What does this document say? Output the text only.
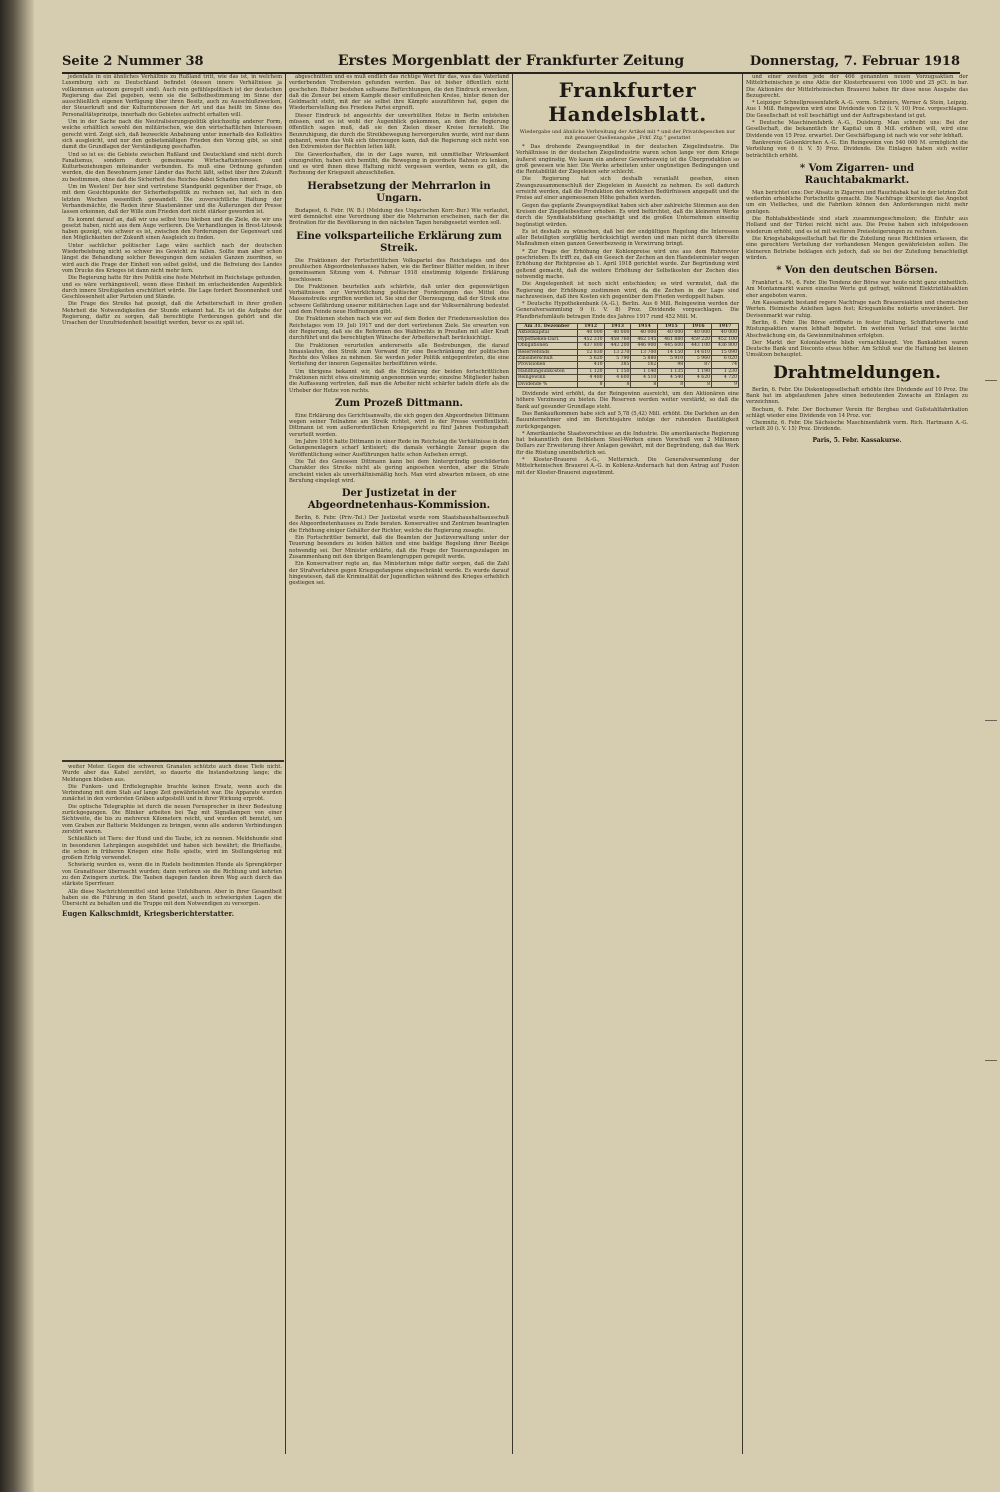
Seite 2 Nummer 38	Erstes Morgenblatt der Frankfurter Zeitung	Donnerstag, 7. Februar 1918

jedenfalls in ein ähnliches Verhältnis zu Rußland tritt, wie das ist, in welchem Luxemburg sich zu Deutschland befindet (dessen innere Verhältnisse ja vollkommen autonom geregelt sind). Auch rein gefühlspolitisch ist der deutschen Regierung das Ziel gegeben, wenn sie die Selbstbestimmung im Sinne der ausschließlich eigenen Verfügung über ihren Besitz, auch zu Ausschlußzwecken, der Steuerkraft und der Kulturinteressen der Art und das heißt im Sinne des Personalitätsprinzips, innerhalb des Gebietes aufrecht erhalten will.

Um in der Sache nach die Neutralisierungspolitik gleichzeitig anderer Form, welche erhältlich sowohl den militärischen, wie den wirtschaftlichen Interessen gerecht wird. Zeigt sich, daß bezweckte Anbahnung unter innerhalb des Kollektivs sich ausgleicht, und nur den gebietsmäßigen Frieden den Vorzug gibt, so sind damit die Grundlagen der Verständigung geschaffen.

Und so ist es: die Gebiete zwischen Rußland und Deutschland sind nicht durch Fanatismus, sondern durch gemeinsame Wirtschaftsinteressen und Kulturbeziehungen miteinander verbunden. Es muß eine Ordnung gefunden werden, die den Bewohnern jener Länder das Recht läßt, selbst über ihre Zukunft zu bestimmen, ohne daß die Sicherheit des Reiches dabei Schaden nimmt.

Um im Westen! Der hier sind vertretene Standpunkt gegenüber der Frage, ob mit dem Gesichtspunkte der Sicherheitspolitik zu rechnen sei, hat sich in den letzten Wochen wesentlich gewandelt. Die zuversichtliche Haltung der Verbandsmächte, die Reden ihrer Staatsmänner und die Äußerungen der Presse lassen erkennen, daß der Wille zum Frieden dort nicht stärker geworden ist.

Es kommt darauf an, daß wir uns selbst treu bleiben und die Ziele, die wir uns gesetzt haben, nicht aus dem Auge verlieren. Die Verhandlungen in Brest-Litowsk haben gezeigt, wie schwer es ist, zwischen den Forderungen der Gegenwart und den Möglichkeiten der Zukunft einen Ausgleich zu finden.

Unter sachlicher politischer Lage wäre sachlich nach der deutschen Wiederbelebung nicht so schwer ins Gewicht zu fallen. Sollte man aber schon längst die Behandlung solcher Bewegungen dem sozialen Ganzen zuordnen, so wird auch die Frage der Einheit von selbst gelöst, und die Befreiung des Landes vom Drucke des Krieges ist dann nicht mehr fern.

Die Regierung hatte für ihre Politik eine feste Mehrheit im Reichstage gefunden, und es wäre verhängnisvoll, wenn diese Einheit im entscheidenden Augenblick durch innere Streitigkeiten erschüttert würde. Die Lage fordert Besonnenheit und Geschlossenheit aller Parteien und Stände.

Die Frage des Streiks hat gezeigt, daß die Arbeiterschaft in ihrer großen Mehrheit die Notwendigkeiten der Stunde erkannt hat. Es ist die Aufgabe der Regierung, dafür zu sorgen, daß berechtigte Forderungen gehört und die Ursachen der Unzufriedenheit beseitigt werden, bevor es zu spät ist.

weiter Meter. Gegen die schweren Granaten schützte auch diese Tiefe nicht. Wurde aber das Kabel zerstört, so dauerte die Instandsetzung lange; die Meldungen blieben aus.

Die Funken- und Erdtelegraphie brachte keinen Ersatz, wenn auch die Verbindung mit dem Stab auf lange Zeit gewährleistet war. Die Apparate wurden zunächst in den vordersten Gräben aufgestellt und in ihrer Wirkung erprobt.

Die optische Telegraphie ist durch die neuen Fernsprecher in ihrer Bedeutung zurückgegangen. Die Blinker arbeiten bei Tag mit Signallampen von einer Sichtweite, die bis zu mehreren Kilometern reicht, und wurden oft benutzt, um vom Graben zur Batterie Meldungen zu bringen, wenn alle anderen Verbindungen zerstört waren.

Schließlich ist Tiere: der Hund und die Taube, ich zu nennen. Meldehunde sind in besonderen Lehrgängen ausgebildet und haben sich bewährt; die Brieftaube, die schon in früheren Kriegen eine Rolle spielte, wird im Stellungskrieg mit großem Erfolg verwendet.

Schwierig wurden es, wenn die in Rudeln bestimmten Hunde als Sprengkörper von Granatfeuer überrascht wurden; dann verloren sie die Richtung und kehrten zu den Zwingern zurück. Die Tauben dagegen fanden ihren Weg auch durch das stärkste Sperrfeuer.

Alle diese Nachrichtenmittel sind keine Unfehlbaren. Aber in ihrer Gesamtheit haben sie die Führung in den Stand gesetzt, auch in schwierigsten Lagen die Übersicht zu behalten und die Truppe mit dem Notwendigen zu versorgen.

Eugen Kalkschmidt, Kriegsberichterstatter.

abgeschnitten und es muß endlich das richtige Wort für das, was das Vaterland verderbenden Treibereien gefunden werden. Das ist bisher öffentlich nicht geschehen. Bisher bestehen seltsame Befürchtungen, die den Eindruck erwecken, daß die Zensur bei einem Kampfe dieser einflußreichen Kreise, hinter denen der Geldmacht steht, mit der sie selbst ihre Kämpfe auszuführen hat, gegen die Wiederherstellung des Friedens Partei ergreift.

Dieser Eindruck ist angesichts der unverhüllten Hetze in Berlin entstehen müssen, und es ist wohl der Augenblick gekommen, an dem die Regierung öffentlich sagen muß, daß sie den Zielen dieser Kreise fernsteht. Die Beunruhigung, die durch die Streikbewegung hervorgerufen wurde, wird nur dann gebannt, wenn das Volk sich überzeugen kann, daß die Regierung sich nicht von den Extremisten der Rechten leiten läßt.

Die Gewerkschaften, die in der Lage waren, mit unmittelbar Wirksamkeit einzugreifen, haben sich bemüht, die Bewegung in geordnete Bahnen zu lenken, und es wird ihnen diese Haltung nicht vergessen werden, wenn es gilt, die Rechnung der Kriegszeit abzuschließen.

Herabsetzung der Mehrrarlon in Ungarn.

Budapest, 6. Febr. (W. B.) (Meldung des Ungarischen Korr.-Bur.) Wie verlautet, wird demnächst eine Verordnung über die Mehrrarion erscheinen, nach der die Brotration für die Bevölkerung in den nächsten Tagen herabgesetzt werden soll.

Eine volksparteiliche Erklärung zum Streik.

Die Fraktionen der Fortschrittlichen Volkspartei des Reichstages und des preußischen Abgeordnetenhauses haben, wie die Berliner Blätter melden, in ihrer gemeinsamen Sitzung vom 4. Februar 1918 einstimmig folgende Erklärung beschlossen:

Die Fraktionen beurteilen aufs schärfste, daß unter den gegenwärtigen Verhältnissen zur Verwirklichung politischer Forderungen das Mittel des Massenstreiks ergriffen worden ist. Sie sind der Überzeugung, daß der Streik eine schwere Gefährdung unserer militärischen Lage und der Volksernährung bedeutet und dem Feinde neue Hoffnungen gibt.

Die Fraktionen stehen nach wie vor auf dem Boden der Friedensresolution des Reichstages vom 19. Juli 1917 und der dort vertretenen Ziele. Sie erwarten von der Regierung, daß sie die Reformen des Wahlrechts in Preußen mit aller Kraft durchführt und die berechtigten Wünsche der Arbeiterschaft berücksichtigt.

Die Fraktionen verurteilen andererseits alle Bestrebungen, die darauf hinauslaufen, den Streik zum Vorwand für eine Beschränkung der politischen Rechte des Volkes zu nehmen. Sie werden jeder Politik entgegentreten, die eine Vertiefung der inneren Gegensätze herbeiführen würde.

Um übrigens bekannt wir, daß die Erklärung der beiden fortschrittlichen Fraktionen nicht etwa einstimmig angenommen wurde; einzelne Mitglieder haben die Auffassung vertreten, daß man die Arbeiter nicht schärfer tadeln dürfe als die Urheber der Hetze von rechts.

Zum Prozeß Dittmann.

Eine Erklärung des Gerichtsanwalts, die sich gegen den Abgeordneten Dittmann wegen seiner Teilnahme am Streik richtet, wird in der Presse veröffentlicht. Dittmann ist vom außerordentlichen Kriegsgericht zu fünf Jahren Festungshaft verurteilt worden.

Im Jahre 1916 hatte Dittmann in einer Rede im Reichstag die Verhältnisse in den Gefangenenlagern scharf kritisiert; die damals verhängte Zensur gegen die Veröffentlichung seiner Ausführungen hatte schon Aufsehen erregt.

Die Tat des Genossen Dittmann kann bei dem hintergründig geschilderten Charakter des Streiks nicht als gering angesehen werden, aber die Strafe erscheint vielen als unverhältnismäßig hoch. Man wird abwarten müssen, ob eine Berufung eingelegt wird.

Der Justizetat in der Abgeordnetenhaus-Kommission.

Berlin, 6. Febr. (Priv.-Tel.) Der Justizetat wurde vom Staatshaushaltsausschuß des Abgeordnetenhauses zu Ende beraten. Konservative und Zentrum beantragten die Erhöhung einiger Gehälter der Richter, welche die Regierung zusagte.

Ein Fortschrittler bemerkt, daß die Beamten der Justizverwaltung unter der Teuerung besonders zu leiden hätten und eine baldige Regelung ihrer Bezüge notwendig sei. Der Minister erklärte, daß die Frage der Teuerungszulagen im Zusammenhang mit den übrigen Beamtengruppen geregelt werde.

Ein Konservativer regte an, das Ministerium möge dafür sorgen, daß die Zahl der Strafverfahren gegen Kriegsgefangene eingeschränkt werde. Es wurde darauf hingewiesen, daß die Kriminalität der Jugendlichen während des Krieges erheblich gestiegen sei.

Frankfurter Handelsblatt.
Wiedergabe und ähnliche Verbreitung der Artikel mit * und der Privatdepeschen nur mit genauer Quellenangabe „Frkf. Ztg.“ gestattet

* Das drohende Zwangssyndikat in der deutschen Ziegelindustrie. Die Verhältnisse in der deutschen Ziegelindustrie waren schon lange vor dem Kriege äußerst ungünstig. Wo kaum ein anderer Gewerbezweig ist die Überproduktion so groß gewesen wie hier. Die Werke arbeiteten unter ungünstigen Bedingungen und die Rentabilität der Ziegeleien sehr schlecht.

Die Regierung hat sich deshalb veranlaßt gesehen, einen Zwangszusammenschluß der Ziegeleien in Aussicht zu nehmen. Es soll dadurch erreicht werden, daß die Produktion den wirklichen Bedürfnissen angepaßt und die Preise auf einer angemessenen Höhe gehalten werden.

Gegen das geplante Zwangssyndikat haben sich aber zahlreiche Stimmen aus den Kreisen der Ziegeleibesitzer erhoben. Es wird befürchtet, daß die kleineren Werke durch die Syndikatsbildung geschädigt und die großen Unternehmen einseitig begünstigt würden.

Es ist deshalb zu wünschen, daß bei der endgültigen Regelung die Interessen aller Beteiligten sorgfältig berücksichtigt werden und man nicht durch übereilte Maßnahmen einen ganzen Gewerbezweig in Verwirrung bringt.

* Zur Frage der Erhöhung der Kohlenpreise wird uns aus dem Ruhrrevier geschrieben: Es trifft zu, daß ein Gesuch der Zechen an den Handelsminister wegen Erhöhung der Richtpreise ab 1. April 1918 gerichtet wurde. Zur Begründung wird geltend gemacht, daß die weitere Erhöhung der Selbstkosten der Zechen dies notwendig mache.

Die Angelegenheit ist noch nicht entschieden; es wird vermutet, daß die Regierung der Erhöhung zustimmen wird, da die Zechen in der Lage sind nachzuweisen, daß ihre Kosten sich gegenüber dem Frieden verdoppelt haben.

* Deutsche Hypothekenbank (A.-G.), Berlin. Aus 6 Mill. Reingewinn werden der Generalversammlung 9 (i. V. 8) Proz. Dividende vorgeschlagen. Die Pfandbriefumläufe betragen Ende des Jahres 1917 rund 452 Mill. M.

Am 31. Dezember	1912	1913	1914	1915	1916	1917
Aktienkapital	40 000	40 000	40 000	40 000	40 000	40 000
Hypotheken-Darl.	452 310	458 760	462 145	461 880	459 220	452 100
Obligationen	437 800	443 200	446 900	445 600	443 100	436 800
Reservefonds	12 830	13 270	13 700	14 150	14 610	15 090
Zinsüberschuß	5 620	5 790	5 880	5 910	5 960	6 020
Provisionen	410	385	162	98	87	74
Handlungsunkosten	1 120	1 150	1 140	1 135	1 190	1 230
Reingewinn	4 480	4 600	4 510	4 540	4 620	4 720
Dividende %	8	8	8	8	8	9

Dividende wird erhöht, da der Reingewinn ausreicht, um den Aktionären eine höhere Verzinsung zu bieten. Die Reserven werden weiter verstärkt, so daß die Bank auf gesunder Grundlage steht.

Das Bankaufkommen habe sich auf 5,78 (5,42) Mill. erhöht. Die Darlehen an den Bauunternehmer sind im Berichtsjahre infolge der ruhenden Bautätigkeit zurückgegangen.

* Amerikanische Staatsvorschüsse an die Industrie. Die amerikanische Regierung hat bekanntlich den Bethlehem Steel-Werken einen Vorschuß von 2 Millionen Dollars zur Erweiterung ihrer Anlagen gewährt, mit der Begründung, daß das Werk für die Rüstung unentbehrlich sei.

* Kloster-Brauerei A.-G., Metternich. Die Generalversammlung der Mittelrheinischen Brauerei A.-G. in Koblenz-Andernach hat dem Antrag auf Fusion mit der Kloster-Brauerei zugestimmt.

und einer zweiten jede der 466 genannten neuen Vorzugsaktien der Mittelrheinischen je eine Aktie der Klosterbrauerei von 1000 und 25 pCt. in bar. Die Aktionäre der Mittelrheinischen Brauerei haben für diese neue Ausgabe das Bezugsrecht.

* Leipziger Schnellpressenfabrik A.-G. vorm. Schmiers, Werner & Stein, Leipzig. Aus 1 Mill. Reingewinn wird eine Dividende von 12 (i. V. 10) Proz. vorgeschlagen. Die Gesellschaft ist voll beschäftigt und der Auftragsbestand ist gut.

* Deutsche Maschinenfabrik A.-G., Duisburg. Man schreibt uns: Bei der Gesellschaft, die bekanntlich ihr Kapital um 8 Mill. erhöhen will, wird eine Dividende von 15 Proz. erwartet. Der Geschäftsgang ist nach wie vor sehr lebhaft.

Bankverein Gelsenkirchen A.-G. Ein Reingewinn von 540 000 M. ermöglicht die Verteilung von 6 (i. V. 5) Proz. Dividende. Die Einlagen haben sich weiter beträchtlich erhöht.

* Vom Zigarren- und Rauchtabakmarkt.

Man berichtet uns: Der Absatz in Zigarren und Rauchtabak hat in der letzten Zeit weiterhin erhebliche Fortschritte gemacht. Die Nachfrage übersteigt das Angebot um ein Vielfaches, und die Fabriken können den Anforderungen nicht mehr genügen.

Die Rohtabakbestände sind stark zusammengeschmolzen; die Einfuhr aus Holland und der Türkei reicht nicht aus. Die Preise haben sich infolgedessen wiederum erhöht, und es ist mit weiteren Preissteigerungen zu rechnen.

Die Kriegstabakgesellschaft hat für die Zuteilung neue Richtlinien erlassen, die eine gerechtere Verteilung der vorhandenen Mengen gewährleisten sollen. Die kleineren Betriebe beklagen sich jedoch, daß sie bei der Zuteilung benachteiligt würden.

* Von den deutschen Börsen.

Frankfurt a. M., 6. Febr. Die Tendenz der Börse war heute nicht ganz einheitlich. Am Montanmarkt waren einzelne Werte gut gefragt, während Elektrizitätsaktien eher angeboten waren.

Am Kassamarkt bestand regere Nachfrage nach Brauereiaktien und chemischen Werten. Heimische Anleihen lagen fest; Kriegsanleihe notierte unverändert. Der Devisenmarkt war ruhig.

Berlin, 6. Febr. Die Börse eröffnete in fester Haltung. Schiffahrtswerte und Rüstungsaktien waren lebhaft begehrt. Im weiteren Verlauf trat eine leichte Abschwächung ein, da Gewinnmitnahmen erfolgten.

Der Markt der Kolonialwerte blieb vernachlässigt. Von Bankaktien waren Deutsche Bank und Disconto etwas höher. Am Schluß war die Haltung bei kleinen Umsätzen behauptet.

Drahtmeldungen.

Berlin, 6. Febr. Die Diskontogesellschaft erhöhte ihre Dividende auf 10 Proz. Die Bank hat im abgelaufenen Jahre einen bedeutenden Zuwachs an Einlagen zu verzeichnen.

Bochum, 6. Febr. Der Bochumer Verein für Bergbau und Gußstahlfabrikation schlägt wieder eine Dividende von 14 Proz. vor.

Chemnitz, 6. Febr. Die Sächsische Maschinenfabrik vorm. Rich. Hartmann A.-G. verteilt 20 (i. V. 15) Proz. Dividende.

Paris, 5. Febr. Kassakurse.
